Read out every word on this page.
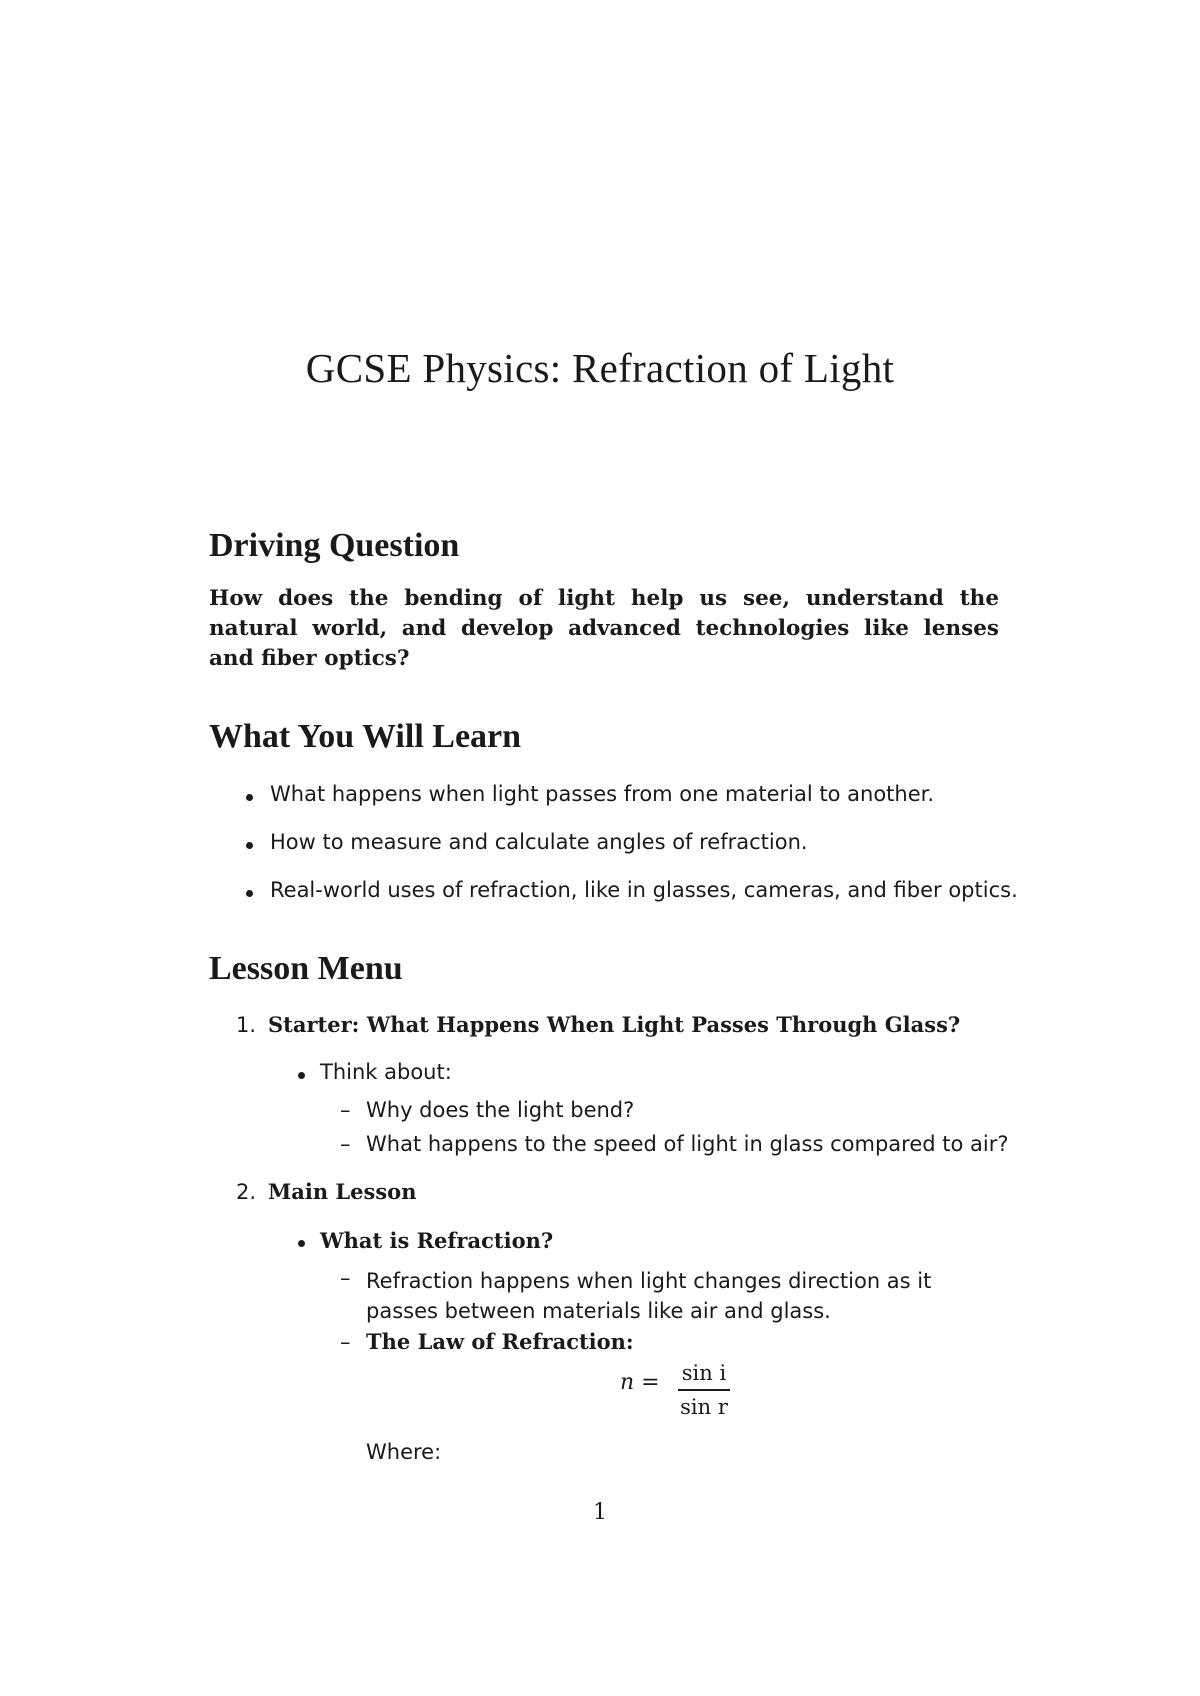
GCSE Physics: Refraction of Light
Driving Question
How does the bending of light help us see, understand the natural world, and develop advanced technologies like lenses and fiber optics?
What You Will Learn
What happens when light passes from one material to another.
How to measure and calculate angles of refraction.
Real-world uses of refraction, like in glasses, cameras, and fiber optics.
Lesson Menu
1. Starter: What Happens When Light Passes Through Glass?
Think about:
– Why does the light bend?
– What happens to the speed of light in glass compared to air?
2. Main Lesson
What is Refraction?
– Refraction happens when light changes direction as it passes between materials like air and glass.
– The Law of Refraction:
n = sin i
sin r
Where:
1
